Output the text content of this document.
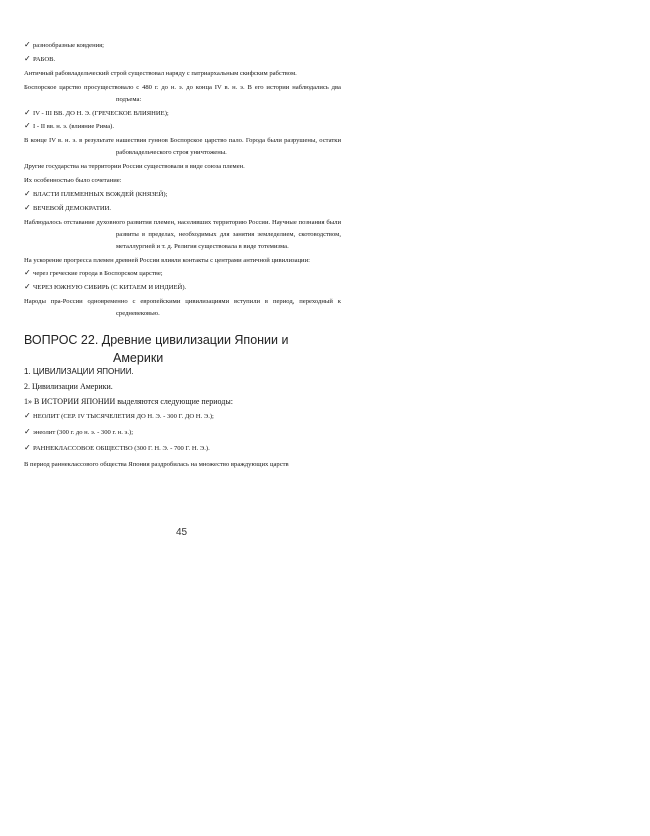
✓ разнообразные ковдения;
✓ РАБОВ.
Античный рабовладельческий строй существовал наряду с патриархальным скифским рабством.
Боспорское царство просуществовало с 480 г. до н. э. до конца IV в. н. э. В его истории наблюдались два подъема:
✓ IV - III ВВ. ДО Н. Э. (ГРЕЧЕСКОЕ ВЛИЯНИЕ);
✓ I - II вв. н. э. (влияние Рима).
В конце IV в. н. э. в результате нашествия гуннов Боспорское царство пало. Города были разрушены, остатки рабовладельческого строя уничтожены.
Другие государства на территории России существовали в виде союза племен.
Их особенностью было сочетание:
✓ ВЛАСТИ ПЛЕМЕННЫХ ВОЖДЕЙ (КНЯЗЕЙ);
✓ ВЕЧЕВОЙ ДЕМОКРАТИИ.
Наблюдалось отставание духовного развития племен, населявших территорию России. Научные познания были развиты в пределах, необходимых для занятия земледелием, скотоводством, металлургией и т. д. Религия существовала в виде тотемизма.
На ускорение прогресса племен древней России влияли контакты с центрами античной цивилизации:
✓ через греческие города в Боспорском царстве;
✓ ЧЕРЕЗ ЮЖНУЮ СИБИРЬ (С КИТАЕМ И ИНДИЕЙ).
Народы пра-России одновременно с европейскими цивилизациями вступили в период, переходный к средневековью.
ВОПРОС 22. Древние цивилизации Японии и
Америки
1. ЦИВИЛИЗАЦИИ ЯПОНИИ.
2. Цивилизации Америки.
1» В ИСТОРИИ ЯПОНИИ выделяются следующие периоды:
✓ НЕОЛИТ (СЕР. IV ТЫСЯЧЕЛЕТИЯ ДО Н. Э. - 300 Г. ДО Н. Э.);
✓ энеолит (300 г. до н. э. - 300 г. н. э.);
✓ РАННЕКЛАССОВОЕ ОБЩЕСТВО (300 Г. Н. Э. - 700 Г. Н. Э.).
В период раннеклассового общества Япония раздробилась на множество враждующих царств
45
